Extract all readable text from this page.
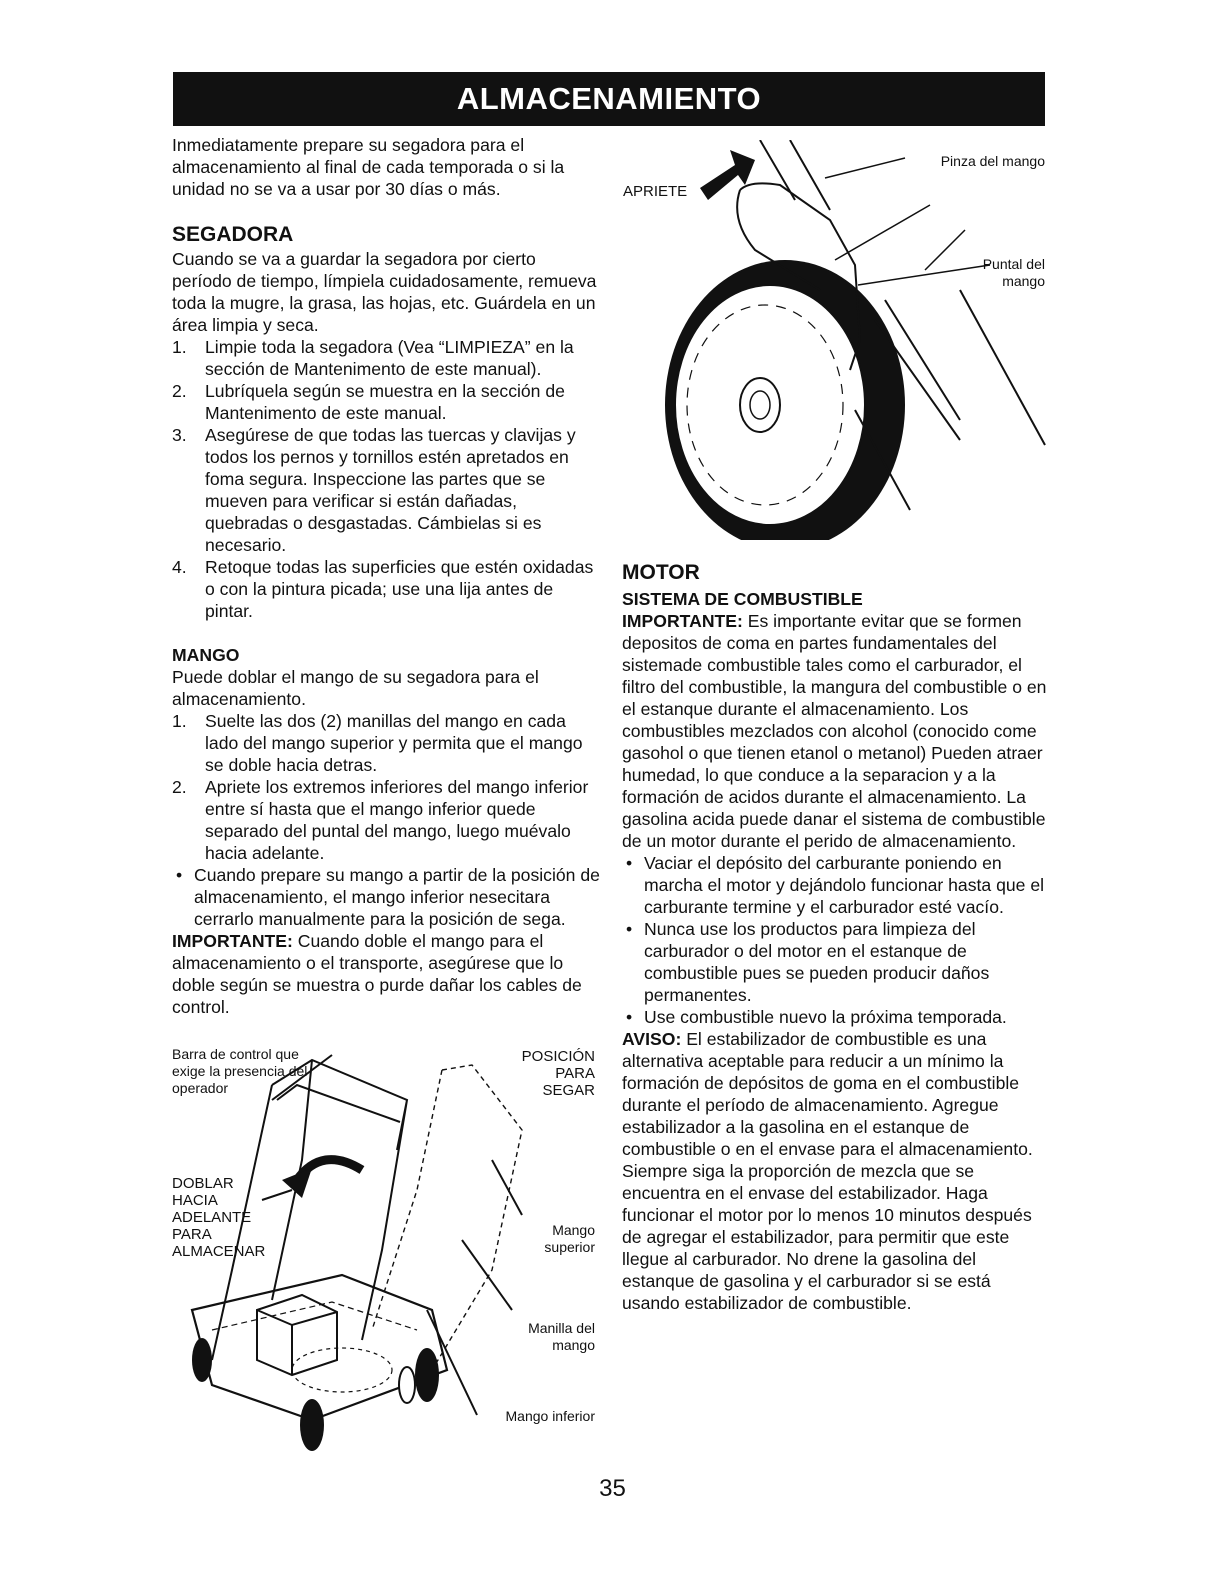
ALMACENAMIENTO

Inmediatamente prepare su segadora para el almacenamiento al final de cada temporada o si la unidad no se va a usar por 30 días o más.

SEGADORA

Cuando se va a guardar la segadora por cierto período de tiempo, límpiela cuidadosamente, remueva toda la mugre, la grasa, las hojas, etc. Guárdela en un área limpia y seca.

1. Limpie toda la segadora (Vea “LIMPIEZA” en la sección de Mantenimento de este manual).
2. Lubríquela según se muestra en la sección de Mantenimento de este manual.
3. Asegúrese de que todas las tuercas y clavijas y todos los pernos y tornillos estén apretados en foma segura. Inspeccione las partes que se mueven para verificar si están dañadas, quebradas o desgastadas. Cámbielas si es necesario.
4. Retoque todas las superficies que estén oxidadas o con la pintura picada; use una lija antes de pintar.
MANGO

Puede doblar el mango de su segadora para el almacenamiento.

1. Suelte las dos (2) manillas del mango en cada lado del mango superior y permita que el mango se doble hacia detras.
2. Apriete los extremos inferiores del mango inferior entre sí hasta que el mango inferior quede separado del puntal del mango, luego muévalo hacia adelante.
• Cuando prepare su mango a partir de la posición de almacenamiento, el mango inferior nesecitara cerrarlo manualmente para la posición de sega.

IMPORTANTE: Cuando doble el mango para el almacenamiento o el transporte, asegúrese que lo doble según se muestra o purde dañar los cables de control.

Barra de control que exige la presencia del operador
DOBLAR HACIA ADELANTE PARA ALMACENAR
POSICIÓN PARA SEGAR
Mango superior
Manilla del mango
Mango inferior
APRIETE
Pinza del mango
Puntal del mango
MOTOR
SISTEMA DE COMBUSTIBLE

IMPORTANTE: Es importante evitar que se formen depositos de coma en partes fundamentales del sistemade combustible tales como el carburador, el filtro del combustible, la mangura del combustible o en el estanque durante el almacenamiento. Los combustibles mezclados con alcohol (conocido come gasohol o que tienen etanol o metanol) Pueden atraer humedad, lo que conduce a la separacion y a la formación de acidos durante el almacenamiento. La gasolina acida puede danar el sistema de combustible de un motor durante el perido de almacenamiento.

• Vaciar el depósito del carburante poniendo en marcha el motor y dejándolo funcionar hasta que el carburante termine y el carburador esté vacío.
• Nunca use los productos para limpieza del carburador o del motor en el estanque de combustible pues se pueden producir daños permanentes.
• Use combustible nuevo la próxima temporada.

AVISO: El estabilizador de combustible es una alternativa aceptable para reducir a un mínimo la formación de depósitos de goma en el combustible durante el período de almacenamiento. Agregue estabilizador a la gasolina en el estanque de combustible o en el envase para el almacenamiento. Siempre siga la proporción de mezcla que se encuentra en el envase del estabilizador. Haga funcionar el motor por lo menos 10 minutos después de agregar el estabilizador, para permitir que este llegue al carburador. No drene la gasolina del estanque de gasolina y el carburador si se está usando estabilizador de combustible.

35
